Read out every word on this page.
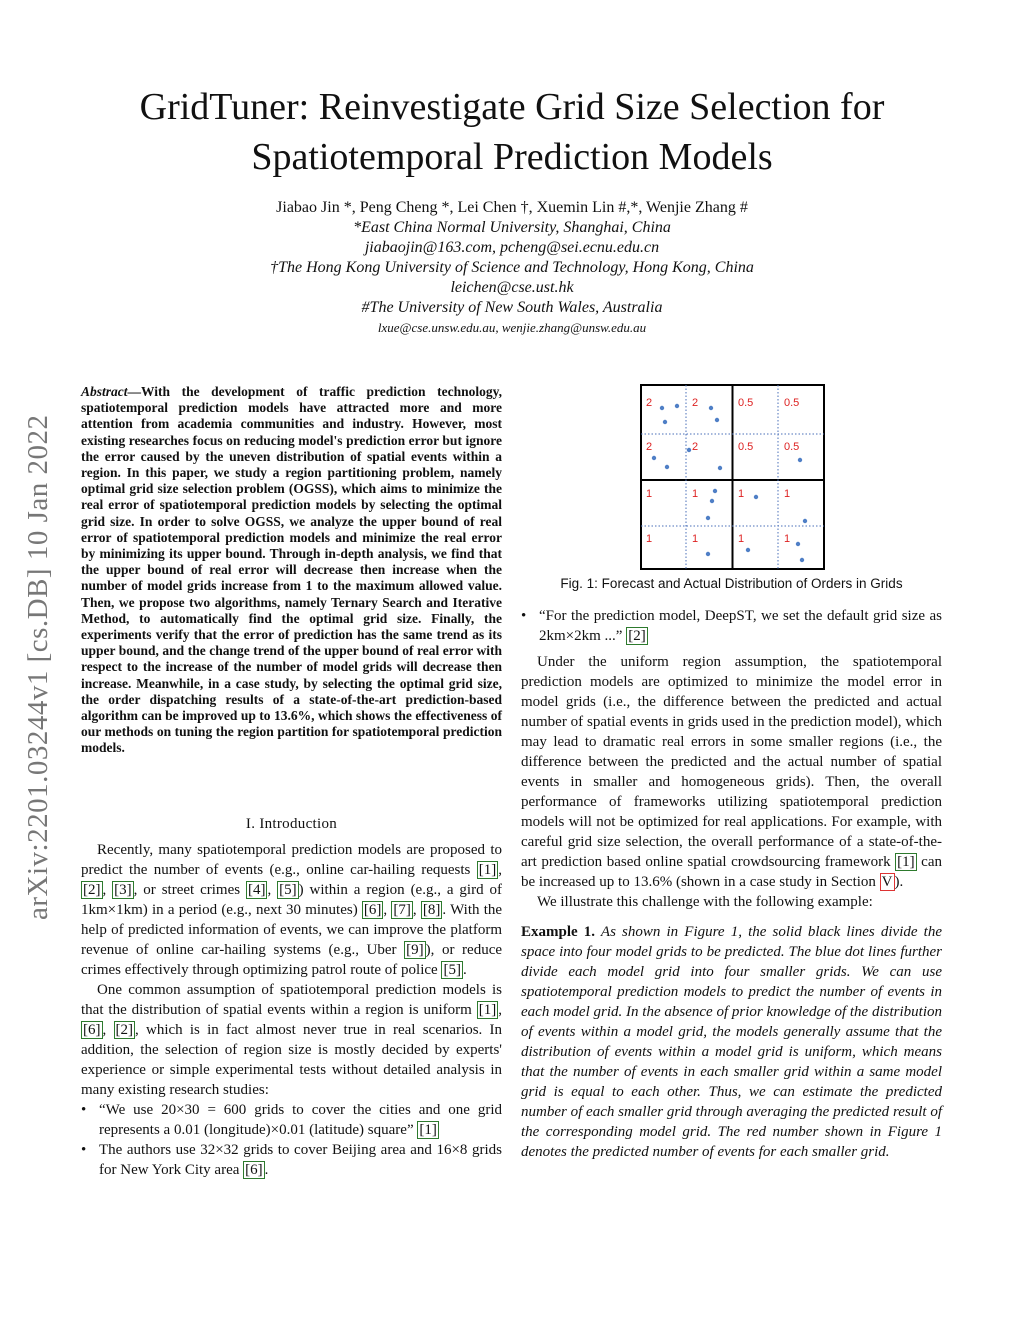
GridTuner: Reinvestigate Grid Size Selection for Spatiotemporal Prediction Models
Jiabao Jin *, Peng Cheng *, Lei Chen †, Xuemin Lin #,*, Wenjie Zhang #
*East China Normal University, Shanghai, China
jiabaojin@163.com, pcheng@sei.ecnu.edu.cn
†The Hong Kong University of Science and Technology, Hong Kong, China
leichen@cse.ust.hk
#The University of New South Wales, Australia
lxue@cse.unsw.edu.au, wenjie.zhang@unsw.edu.au
arXiv:2201.03244v1 [cs.DB] 10 Jan 2022
Abstract—With the development of traffic prediction technology, spatiotemporal prediction models have attracted more and more attention from academia communities and industry. However, most existing researches focus on reducing model's prediction error but ignore the error caused by the uneven distribution of spatial events within a region. In this paper, we study a region partitioning problem, namely optimal grid size selection problem (OGSS), which aims to minimize the real error of spatiotemporal prediction models by selecting the optimal grid size. In order to solve OGSS, we analyze the upper bound of real error of spatiotemporal prediction models and minimize the real error by minimizing its upper bound. Through in-depth analysis, we find that the upper bound of real error will decrease then increase when the number of model grids increase from 1 to the maximum allowed value. Then, we propose two algorithms, namely Ternary Search and Iterative Method, to automatically find the optimal grid size. Finally, the experiments verify that the error of prediction has the same trend as its upper bound, and the change trend of the upper bound of real error with respect to the increase of the number of model grids will decrease then increase. Meanwhile, in a case study, by selecting the optimal grid size, the order dispatching results of a state-of-the-art prediction-based algorithm can be improved up to 13.6%, which shows the effectiveness of our methods on tuning the region partition for spatiotemporal prediction models.
I. Introduction

Recently, many spatiotemporal prediction models are proposed to predict the number of events (e.g., online car-hailing requests [1] , [2] , [3] , or street crimes [4] , [5] ) within a region (e.g., a gird of 1km×1km) in a period (e.g., next 30 minutes) [6] , [7] , [8] . With the help of predicted information of events, we can improve the platform revenue of online car-hailing systems (e.g., Uber [9] ), or reduce crimes effectively through optimizing patrol route of police [5] .

One common assumption of spatiotemporal prediction models is that the distribution of spatial events within a region is uniform [1] , [6] , [2] , which is in fact almost never true in real scenarios. In addition, the selection of region size is mostly decided by experts' experience or simple experimental tests without detailed analysis in many existing research studies:

• “We use 20×30 = 600 grids to cover the cities and one grid represents a 0.01 (longitude)×0.01 (latitude) square” [1]

• The authors use 32×32 grids to cover Beijing area and 16×8 grids for New York City area [6] .

2	2	0.5	0.5
2	2	0.5	0.5
1	1	1	1
1	1	1	1
Fig. 1: Forecast and Actual Distribution of Orders in Grids

• “For the prediction model, DeepST, we set the default grid size as 2km×2km ...” [2]

Under the uniform region assumption, the spatiotemporal prediction models are optimized to minimize the model error in model grids (i.e., the difference between the predicted and actual number of spatial events in grids used in the prediction model), which may lead to dramatic real errors in some smaller regions (i.e., the difference between the predicted and the actual number of spatial events in smaller and homogeneous grids). Then, the overall performance of frameworks utilizing spatiotemporal prediction models will not be optimized for real applications. For example, with careful grid size selection, the overall performance of a state-of-the-art prediction based online spatial crowdsourcing framework [1] can be increased up to 13.6% (shown in a case study in Section V ).

We illustrate this challenge with the following example:

Example 1. As shown in Figure 1, the solid black lines divide the space into four model grids to be predicted. The blue dot lines further divide each model grid into four smaller grids. We can use spatiotemporal prediction models to predict the number of events in each model grid. In the absence of prior knowledge of the distribution of events within a model grid, the models generally assume that the distribution of events within a model grid is uniform, which means that the number of events in each smaller grid within a same model grid is equal to each other. Thus, we can estimate the predicted number of each smaller grid through averaging the predicted result of the corresponding model grid. The red number shown in Figure 1 denotes the predicted number of events for each smaller grid.
